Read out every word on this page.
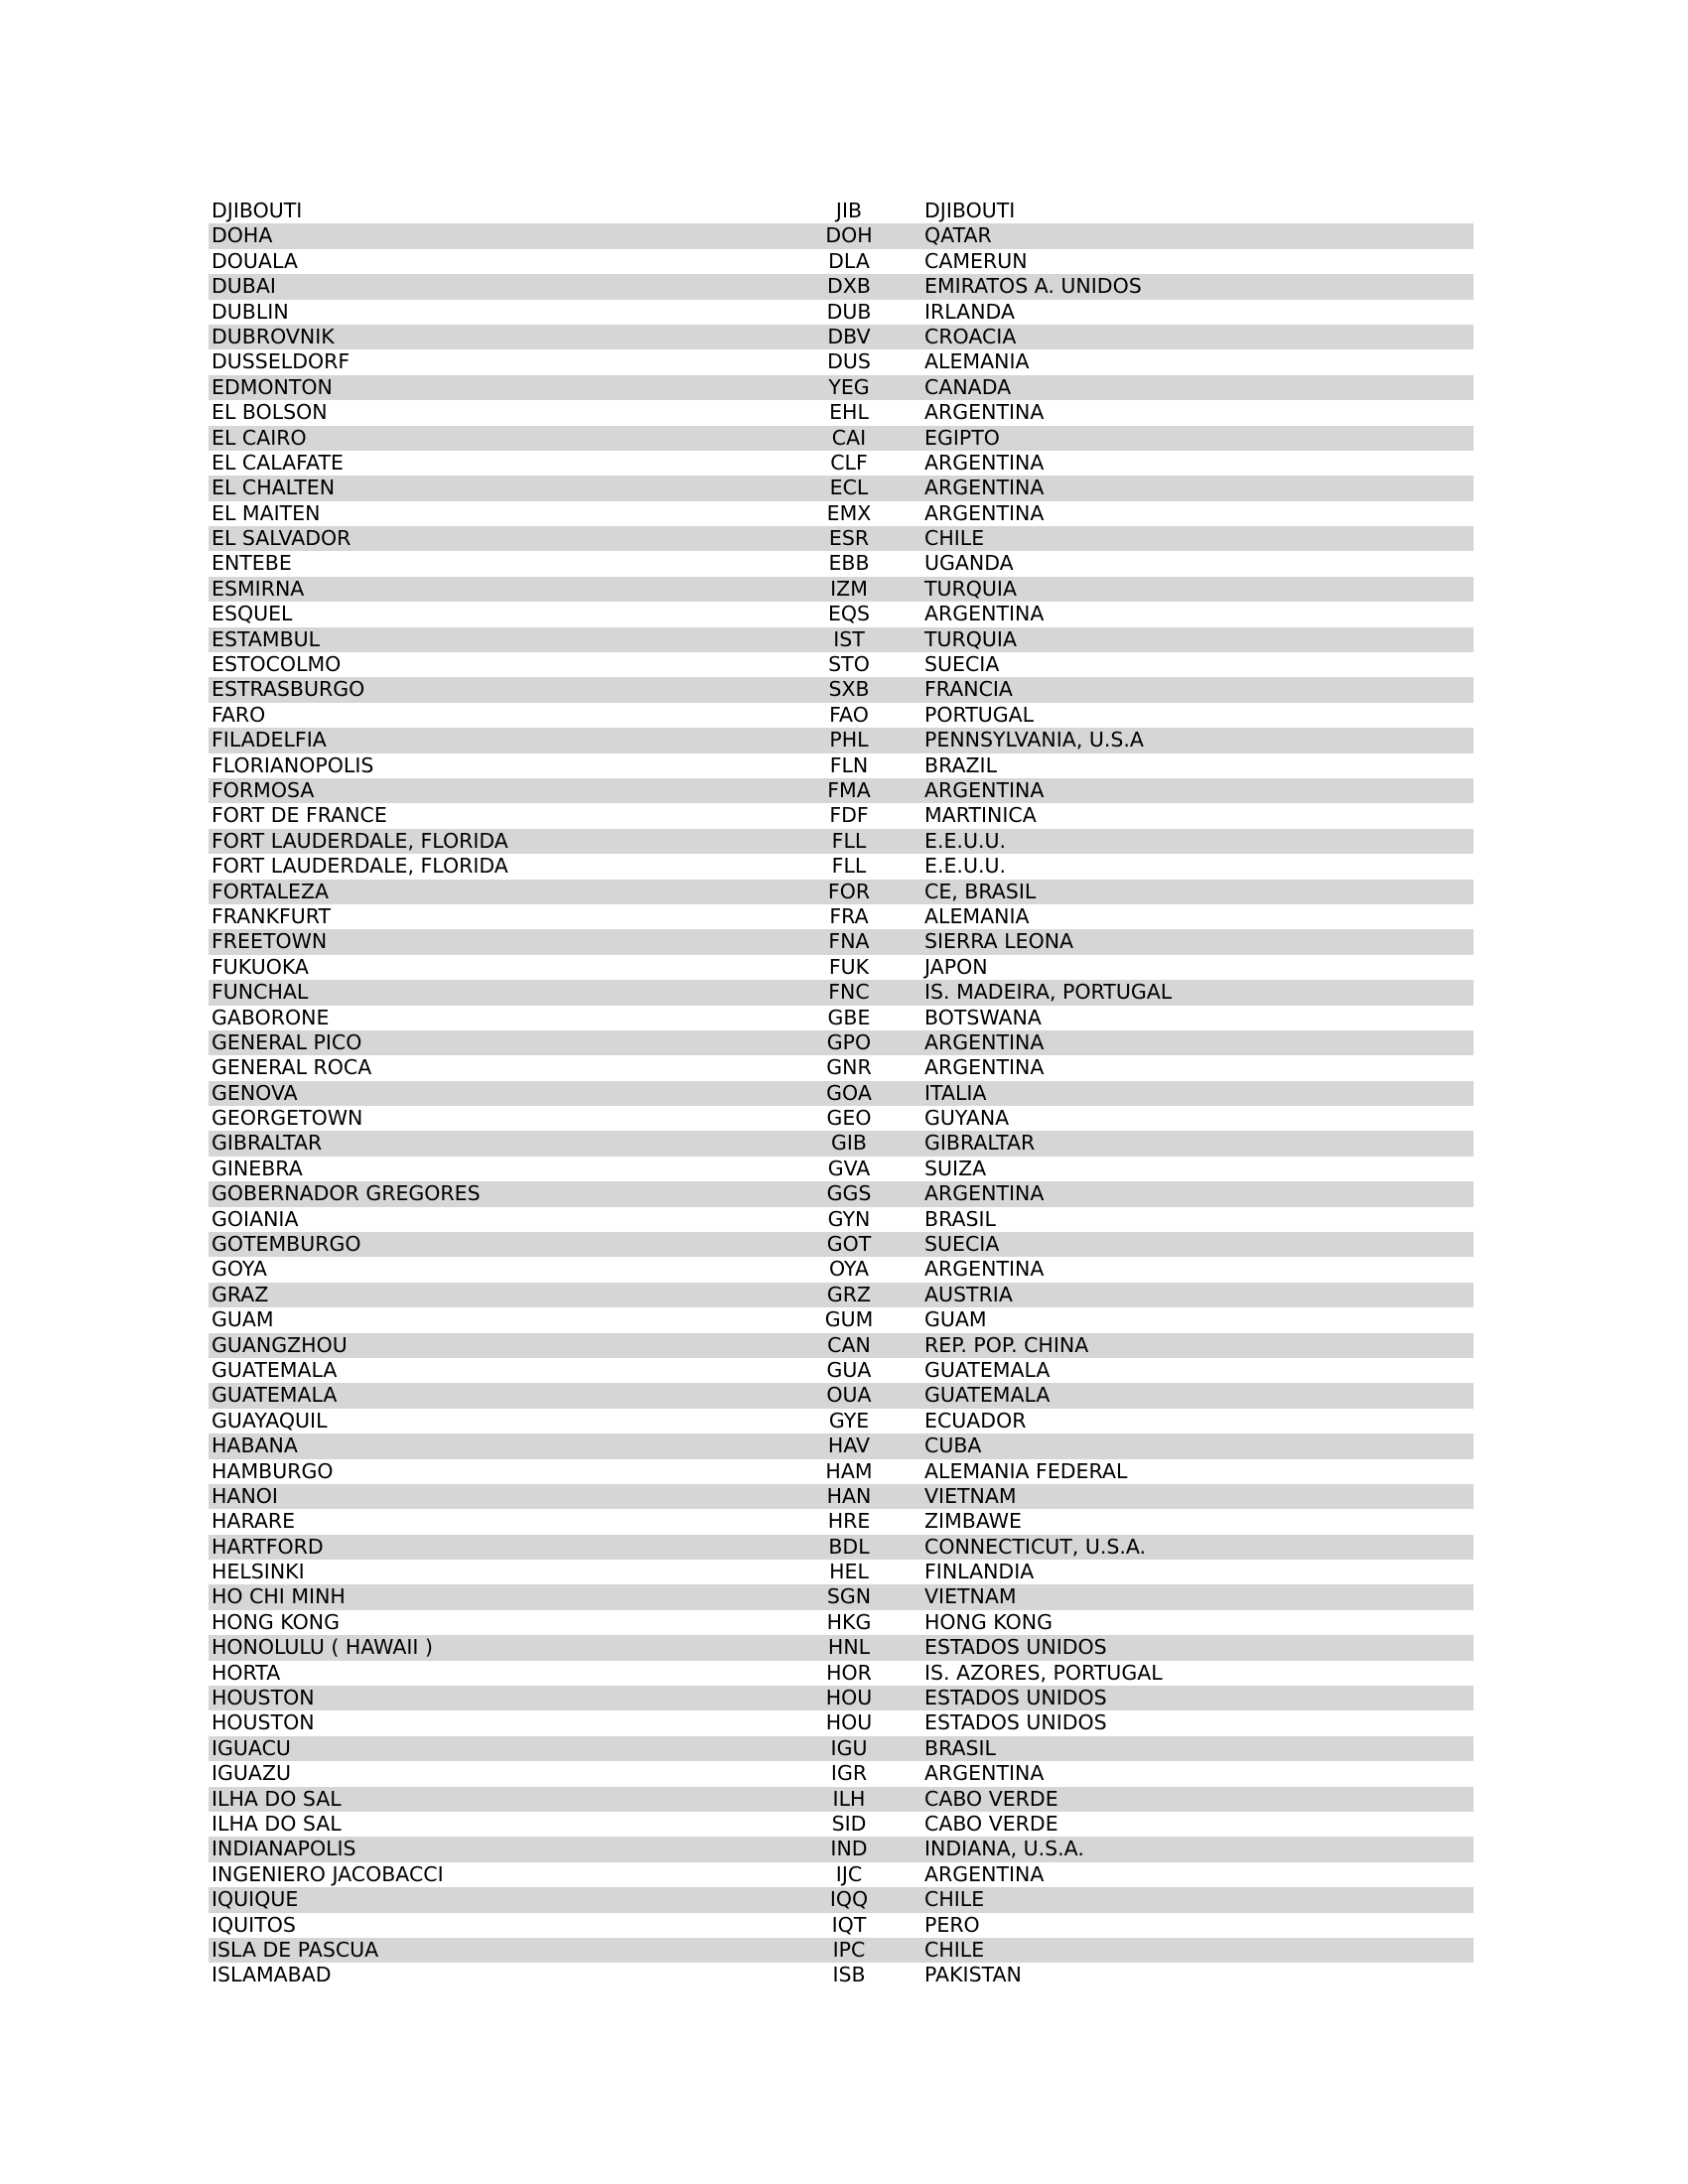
DJIBOUTI	JIB	DJIBOUTI
DOHA	DOH	QATAR
DOUALA	DLA	CAMERUN
DUBAI	DXB	EMIRATOS A. UNIDOS
DUBLIN	DUB	IRLANDA
DUBROVNIK	DBV	CROACIA
DUSSELDORF	DUS	ALEMANIA
EDMONTON	YEG	CANADA
EL BOLSON	EHL	ARGENTINA
EL CAIRO	CAI	EGIPTO
EL CALAFATE	CLF	ARGENTINA
EL CHALTEN	ECL	ARGENTINA
EL MAITEN	EMX	ARGENTINA
EL SALVADOR	ESR	CHILE
ENTEBE	EBB	UGANDA
ESMIRNA	IZM	TURQUIA
ESQUEL	EQS	ARGENTINA
ESTAMBUL	IST	TURQUIA
ESTOCOLMO	STO	SUECIA
ESTRASBURGO	SXB	FRANCIA
FARO	FAO	PORTUGAL
FILADELFIA	PHL	PENNSYLVANIA, U.S.A
FLORIANOPOLIS	FLN	BRAZIL
FORMOSA	FMA	ARGENTINA
FORT DE FRANCE	FDF	MARTINICA
FORT LAUDERDALE, FLORIDA	FLL	E.E.U.U.
FORT LAUDERDALE, FLORIDA	FLL	E.E.U.U.
FORTALEZA	FOR	CE, BRASIL
FRANKFURT	FRA	ALEMANIA
FREETOWN	FNA	SIERRA LEONA
FUKUOKA	FUK	JAPON
FUNCHAL	FNC	IS. MADEIRA, PORTUGAL
GABORONE	GBE	BOTSWANA
GENERAL PICO	GPO	ARGENTINA
GENERAL ROCA	GNR	ARGENTINA
GENOVA	GOA	ITALIA
GEORGETOWN	GEO	GUYANA
GIBRALTAR	GIB	GIBRALTAR
GINEBRA	GVA	SUIZA
GOBERNADOR GREGORES	GGS	ARGENTINA
GOIANIA	GYN	BRASIL
GOTEMBURGO	GOT	SUECIA
GOYA	OYA	ARGENTINA
GRAZ	GRZ	AUSTRIA
GUAM	GUM	GUAM
GUANGZHOU	CAN	REP. POP. CHINA
GUATEMALA	GUA	GUATEMALA
GUATEMALA	OUA	GUATEMALA
GUAYAQUIL	GYE	ECUADOR
HABANA	HAV	CUBA
HAMBURGO	HAM	ALEMANIA FEDERAL
HANOI	HAN	VIETNAM
HARARE	HRE	ZIMBAWE
HARTFORD	BDL	CONNECTICUT, U.S.A.
HELSINKI	HEL	FINLANDIA
HO CHI MINH	SGN	VIETNAM
HONG KONG	HKG	HONG KONG
HONOLULU ( HAWAII )	HNL	ESTADOS UNIDOS
HORTA	HOR	IS. AZORES, PORTUGAL
HOUSTON	HOU	ESTADOS UNIDOS
HOUSTON	HOU	ESTADOS UNIDOS
IGUACU	IGU	BRASIL
IGUAZU	IGR	ARGENTINA
ILHA DO SAL	ILH	CABO VERDE
ILHA DO SAL	SID	CABO VERDE
INDIANAPOLIS	IND	INDIANA, U.S.A.
INGENIERO JACOBACCI	IJC	ARGENTINA
IQUIQUE	IQQ	CHILE
IQUITOS	IQT	PERO
ISLA DE PASCUA	IPC	CHILE
ISLAMABAD	ISB	PAKISTAN
